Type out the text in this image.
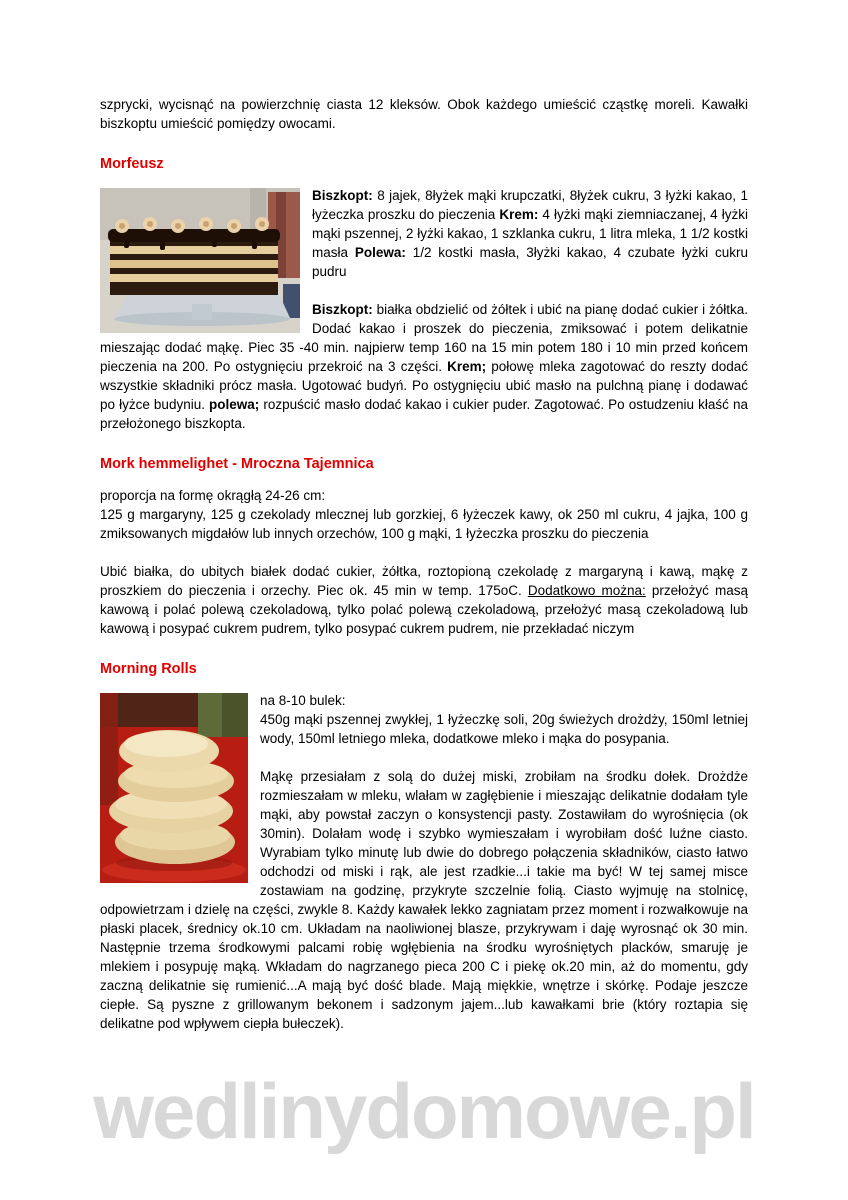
szprycki, wycisnąć na powierzchnię ciasta 12 kleksów. Obok każdego umieścić cząstkę moreli. Kawałki biszkoptu umieścić pomiędzy owocami.

Morfeusz

Biszkopt: 8 jajek, 8łyżek mąki krupczatki, 8łyżek cukru, 3 łyżki kakao, 1 łyżeczka proszku do pieczenia Krem: 4 łyżki mąki ziemniaczanej, 4 łyżki mąki pszennej, 2 łyżki kakao, 1 szklanka cukru, 1 litra mleka, 1 1/2 kostki masła Polewa: 1/2 kostki masła, 3łyżki kakao, 4 czubate łyżki cukru pudru

Biszkopt: białka obdzielić od żółtek i ubić na pianę dodać cukier i żółtka. Dodać kakao i proszek do pieczenia, zmiksować i potem delikatnie mieszając dodać mąkę. Piec 35 -40 min. najpierw temp 160 na 15 min potem 180 i 10 min przed końcem pieczenia na 200. Po ostygnięciu przekroić na 3 części. Krem; połowę mleka zagotować do reszty dodać wszystkie składniki prócz masła. Ugotować budyń. Po ostygnięciu ubić masło na pulchną pianę i dodawać po łyżce budyniu. polewa; rozpuścić masło dodać kakao i cukier puder. Zagotować. Po ostudzeniu kłaść na przełożonego biszkopta.

Mork hemmelighet - Mroczna Tajemnica

proporcja na formę okrągłą 24-26 cm:

125 g margaryny, 125 g czekolady mlecznej lub gorzkiej, 6 łyżeczek kawy, ok 250 ml cukru, 4 jajka, 100 g zmiksowanych migdałów lub innych orzechów, 100 g mąki, 1 łyżeczka proszku do pieczenia

Ubić białka, do ubitych białek dodać cukier, żółtka, roztopioną czekoladę z margaryną i kawą, mąkę z proszkiem do pieczenia i orzechy. Piec ok. 45 min w temp. 175oC. Dodatkowo można: przełożyć masą kawową i polać polewą czekoladową, tylko polać polewą czekoladową, przełożyć masą czekoladową lub kawową i posypać cukrem pudrem, tylko posypać cukrem pudrem, nie przekładać niczym

Morning Rolls

na 8-10 bulek:

450g mąki pszennej zwykłej, 1 łyżeczkę soli, 20g świeżych drożdży, 150ml letniej wody, 150ml letniego mleka, dodatkowe mleko i mąka do posypania.

Mąkę przesiałam z solą do dużej miski, zrobiłam na środku dołek. Drożdże rozmieszałam w mleku, wlałam w zagłębienie i mieszając delikatnie dodałam tyle mąki, aby powstał zaczyn o konsystencji pasty. Zostawiłam do wyrośnięcia (ok 30min). Dolałam wodę i szybko wymieszałam i wyrobiłam dość luźne ciasto. Wyrabiam tylko minutę lub dwie do dobrego połączenia składników, ciasto łatwo odchodzi od miski i rąk, ale jest rzadkie...i takie ma być! W tej samej misce zostawiam na godzinę, przykryte szczelnie folią. Ciasto wyjmuję na stolnicę, odpowietrzam i dzielę na części, zwykle 8. Każdy kawałek lekko zagniatam przez moment i rozwałkowuje na płaski placek, średnicy ok.10 cm. Układam na naoliwionej blasze, przykrywam i daję wyrosnąć ok 30 min. Następnie trzema środkowymi palcami robię wgłębienia na środku wyrośniętych placków, smaruję je mlekiem i posypuję mąką. Wkładam do nagrzanego pieca 200 C i piekę ok.20 min, aż do momentu, gdy zaczną delikatnie się rumienić...A mają być dość blade. Mają miękkie, wnętrze i skórkę. Podaje jeszcze ciepłe. Są pyszne z grillowanym bekonem i sadzonym jajem...lub kawałkami brie (który roztapia się delikatne pod wpływem ciepła bułeczek).

wedlinydomowe.pl
